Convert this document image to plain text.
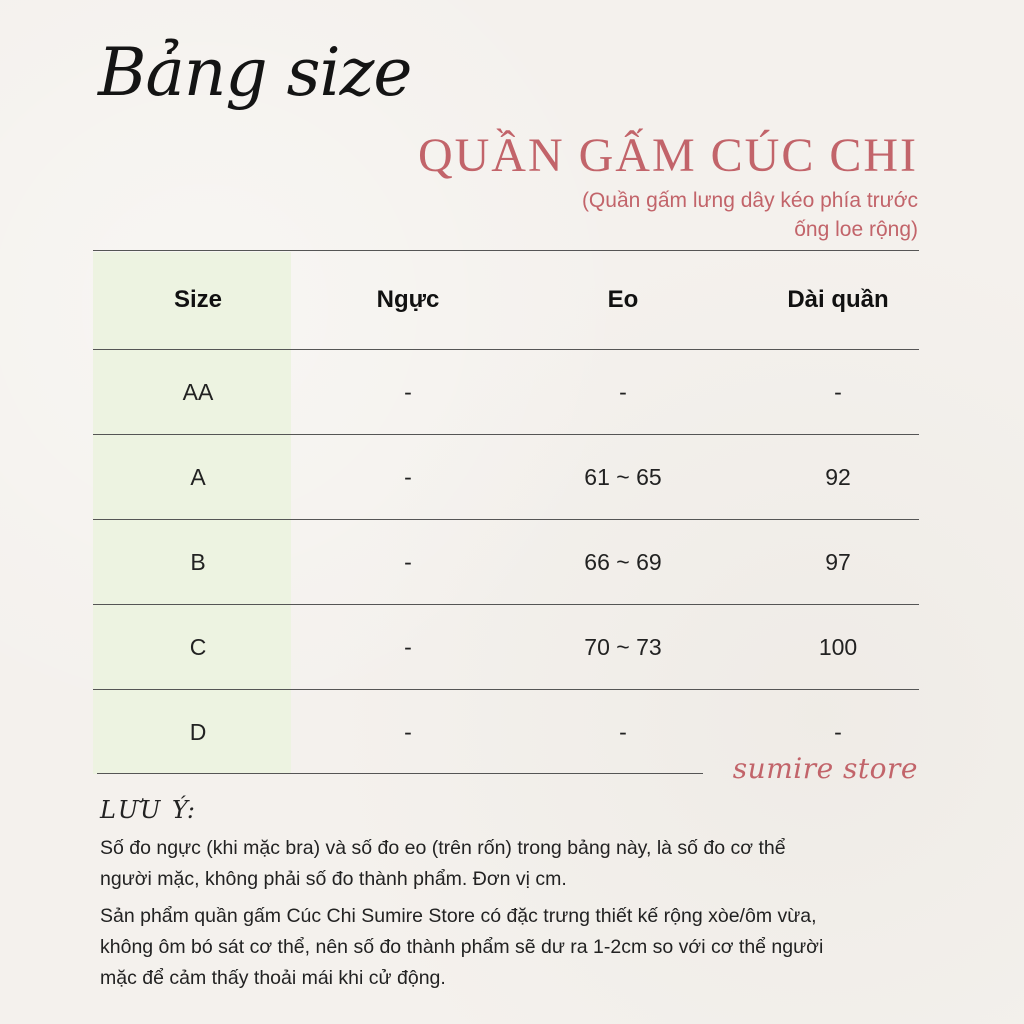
Bảng size
QUẦN GẤM CÚC CHI
(Quần gấm lưng dây kéo phía trước
ống loe rộng)
Size	Ngực	Eo	Dài quần
AA	-	-	-
A	-	61 ~ 65	92
B	-	66 ~ 69	97
C	-	70 ~ 73	100
D	-	-	-
sumire store
LƯU Ý:
Số đo ngực (khi mặc bra) và số đo eo (trên rốn) trong bảng này, là số đo cơ thể
người mặc, không phải số đo thành phẩm. Đơn vị cm.
Sản phẩm quần gấm Cúc Chi Sumire Store có đặc trưng thiết kế rộng xòe/ôm vừa,
không ôm bó sát cơ thể, nên số đo thành phẩm sẽ dư ra 1-2cm so với cơ thể người
mặc để cảm thấy thoải mái khi cử động.
